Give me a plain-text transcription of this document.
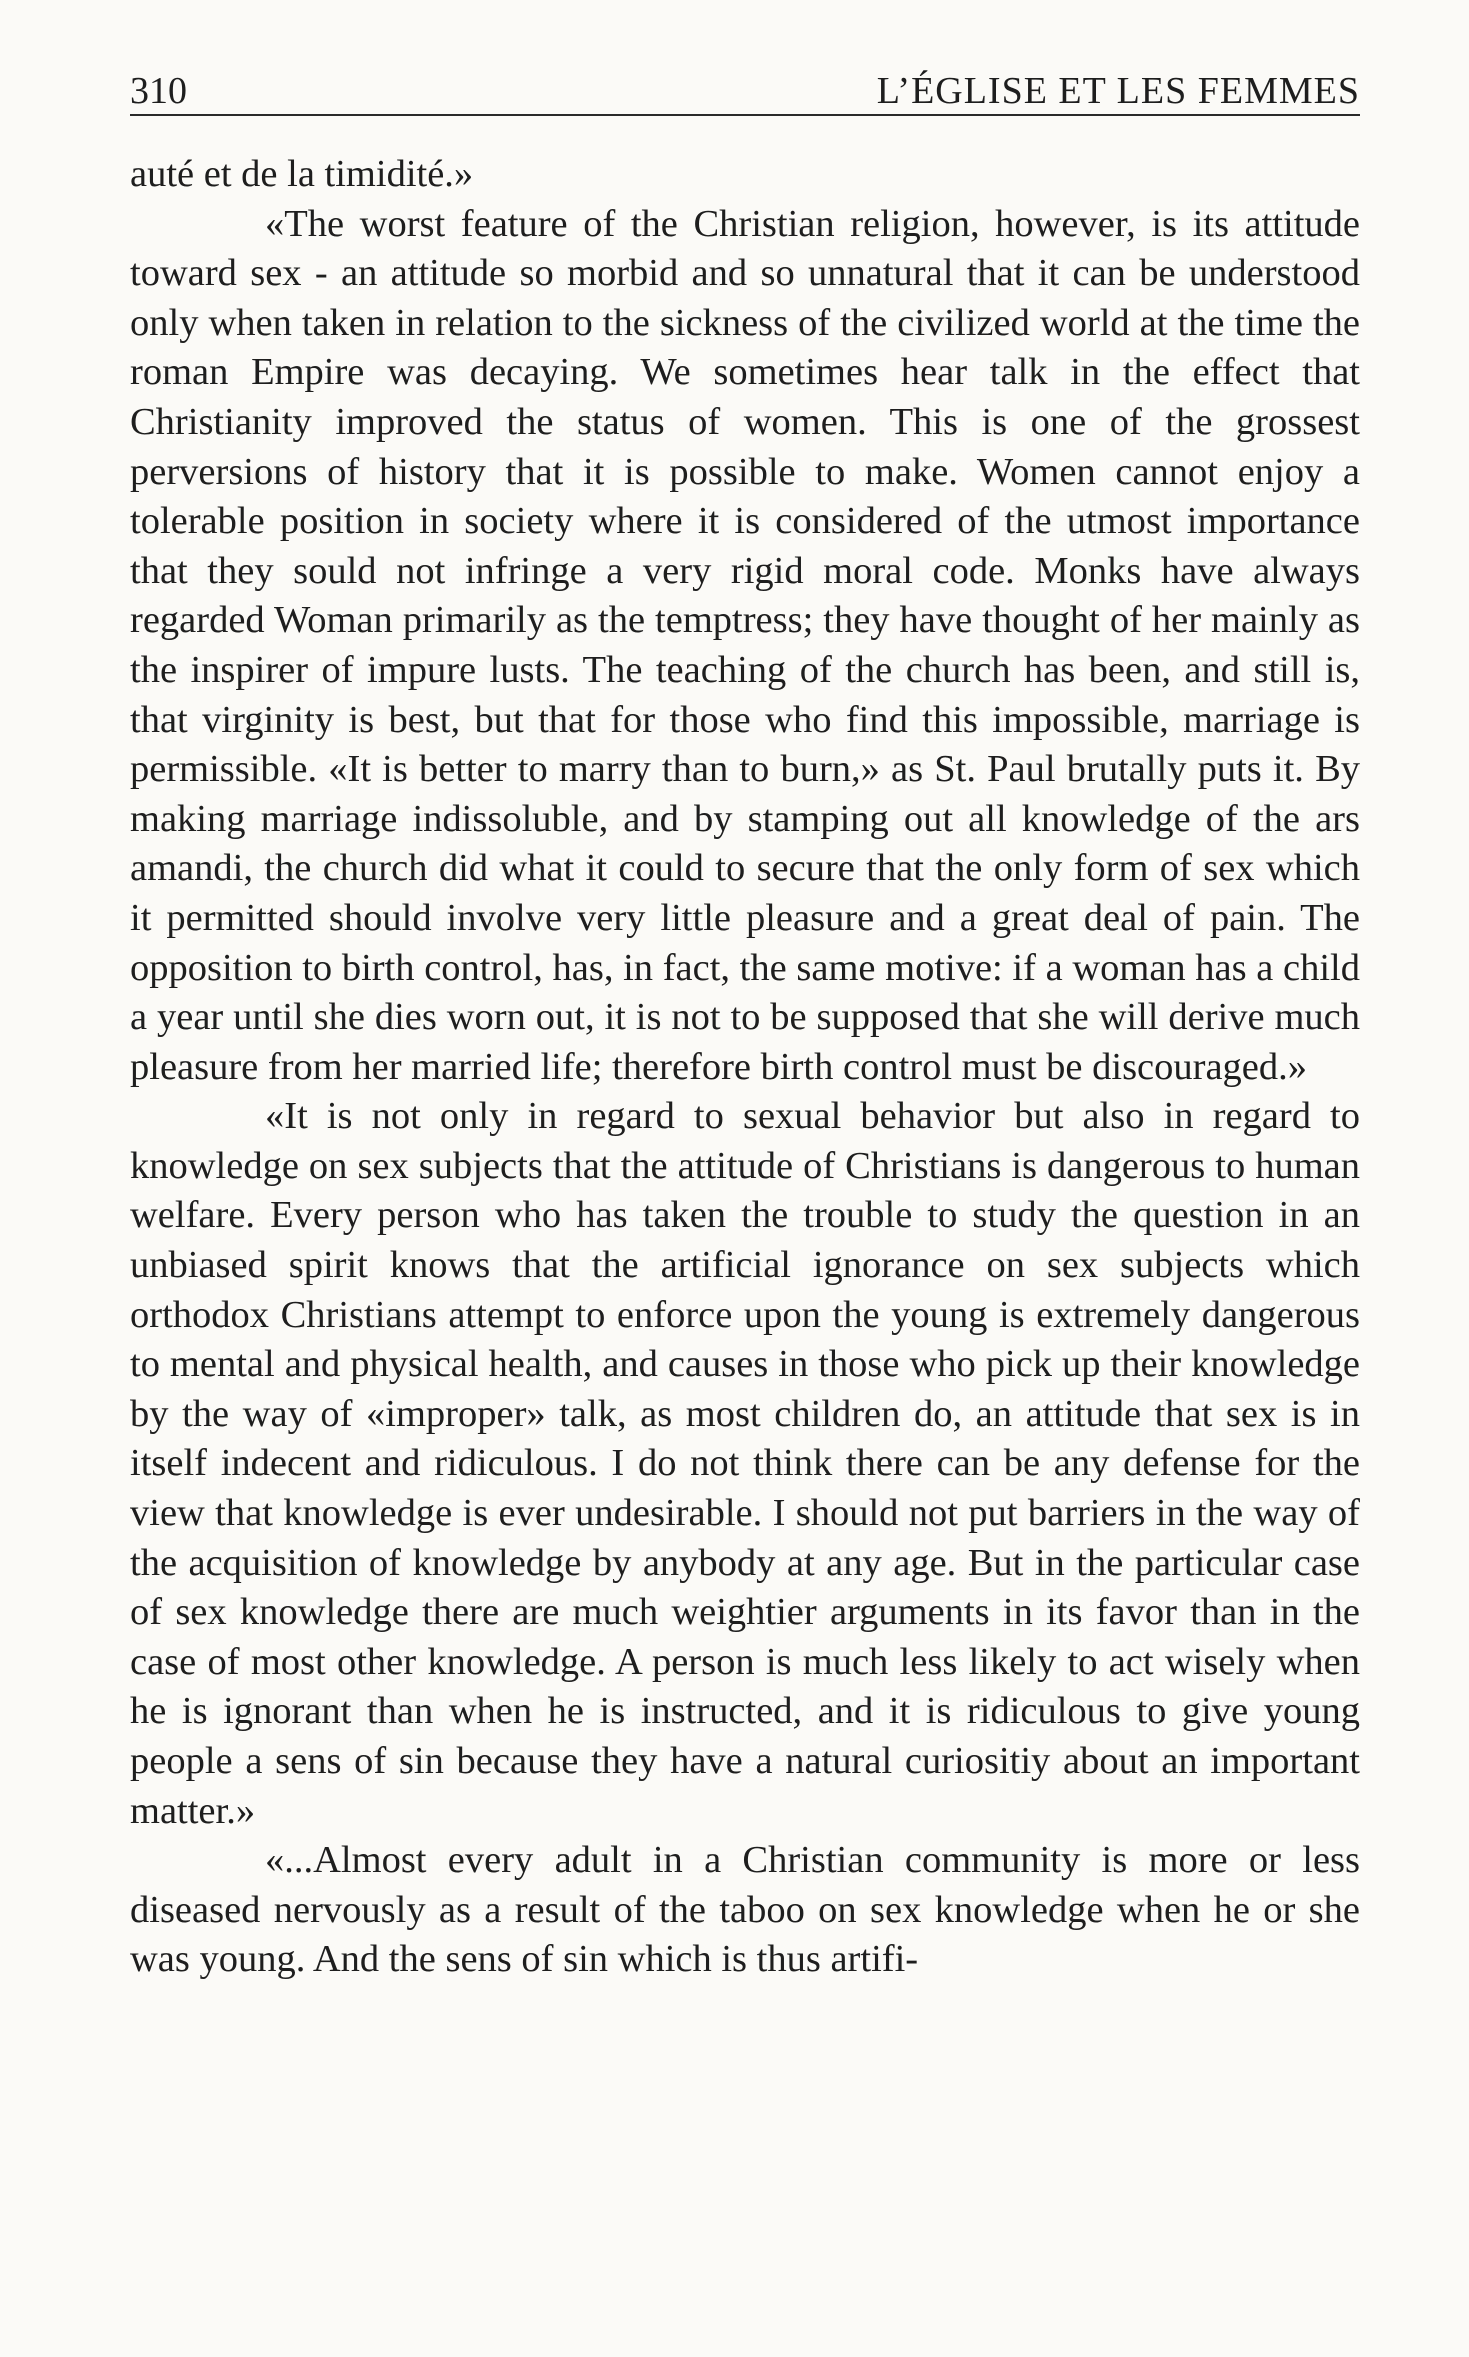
310	L’ÉGLISE ET LES FEMMES

auté et de la timidité.»

«The worst feature of the Christian religion, however, is its attitude toward sex - an attitude so morbid and so unnatural that it can be understood only when taken in relation to the sickness of the civilized world at the time the roman Empire was decaying. We sometimes hear talk in the effect that Christianity improved the status of women. This is one of the grossest perversions of history that it is possible to make. Women cannot enjoy a tolerable position in society where it is considered of the utmost importance that they sould not infringe a very rigid moral code. Monks have always regarded Woman primarily as the temptress; they have thought of her mainly as the inspirer of impure lusts. The teaching of the church has been, and still is, that virginity is best, but that for those who find this impossible, marriage is permissible. «It is better to marry than to burn,» as St. Paul brutally puts it. By making marriage indissoluble, and by stamping out all knowledge of the ars amandi, the church did what it could to secure that the only form of sex which it permitted should involve very little pleasure and a great deal of pain. The opposition to birth control, has, in fact, the same motive: if a woman has a child a year until she dies worn out, it is not to be supposed that she will derive much pleasure from her married life; therefore birth control must be discouraged.»

«It is not only in regard to sexual behavior but also in regard to knowledge on sex subjects that the attitude of Christians is dangerous to human welfare. Every person who has taken the trouble to study the question in an unbiased spirit knows that the artificial ignorance on sex subjects which orthodox Christians attempt to enforce upon the young is extremely dangerous to mental and physical health, and causes in those who pick up their knowledge by the way of «improper» talk, as most children do, an attitude that sex is in itself indecent and ridiculous. I do not think there can be any defense for the view that knowledge is ever undesirable. I should not put barriers in the way of the acquisition of knowledge by anybody at any age. But in the particular case of sex knowledge there are much weightier arguments in its favor than in the case of most other knowledge. A person is much less likely to act wisely when he is ignorant than when he is instructed, and it is ridiculous to give young people a sens of sin because they have a natural curiositiy about an important matter.»

«...Almost every adult in a Christian community is more or less diseased nervously as a result of the taboo on sex knowledge when he or she was young. And the sens of sin which is thus artifi-
